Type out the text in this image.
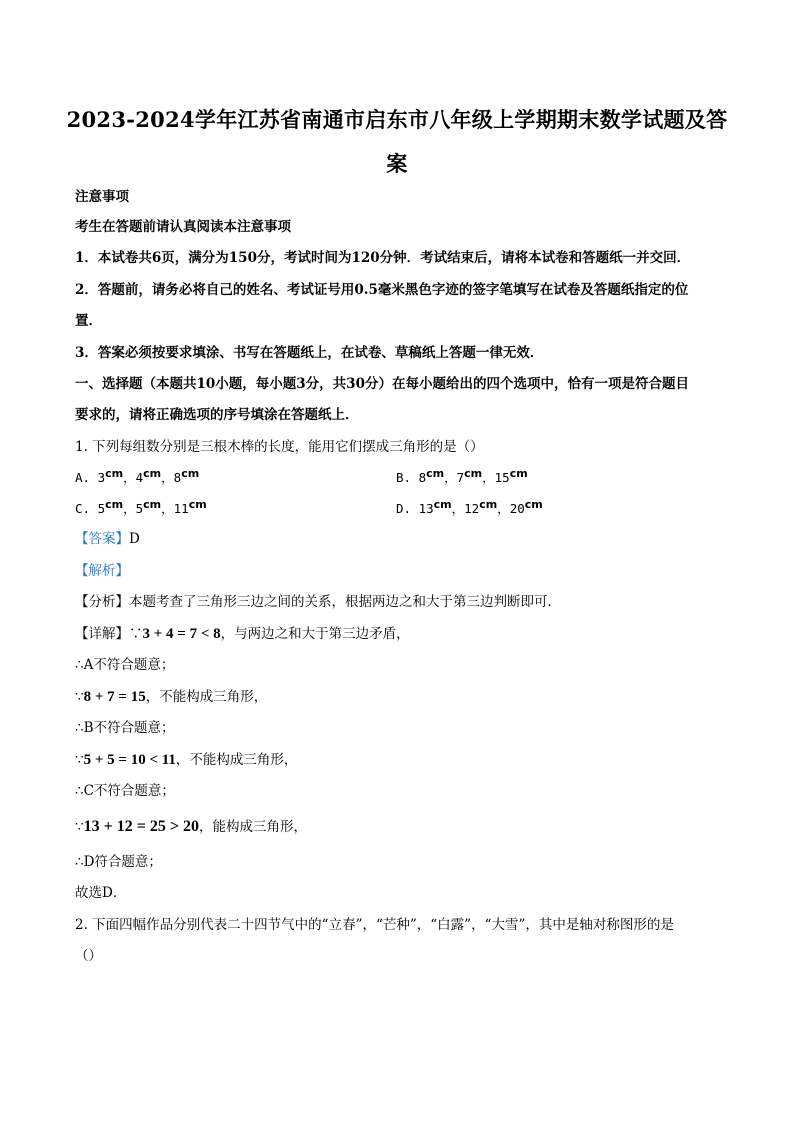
2023-2024学年江苏省南通市启东市八年级上学期期末数学试题及答
案
注意事项
考生在答题前请认真阅读本注意事项
1．本试卷共6页，满分为150分，考试时间为120分钟．考试结束后，请将本试卷和答题纸一并交回．
2．答题前，请务必将自己的姓名、考试证号用0.5毫米黑色字迹的签字笔填写在试卷及答题纸指定的位
置．
3．答案必须按要求填涂、书写在答题纸上，在试卷、草稿纸上答题一律无效．
一、选择题（本题共10小题，每小题3分，共30分）在每小题给出的四个选项中，恰有一项是符合题目
要求的，请将正确选项的序号填涂在答题纸上．
1. 下列每组数分别是三根木棒的长度，能用它们摆成三角形的是（）
A. 3cm，4cm，8cm	B. 8cm，7cm，15cm
C. 5cm，5cm，11cm	D. 13cm，12cm，20cm
【答案】D
【解析】
【分析】本题考查了三角形三边之间的关系，根据两边之和大于第三边判断即可．
【详解】∵3 + 4 = 7 < 8，与两边之和大于第三边矛盾，
∴A不符合题意；
∵8 + 7 = 15，不能构成三角形，
∴B不符合题意；
∵5 + 5 = 10 < 11，不能构成三角形，
∴C不符合题意；
∵13 + 12 = 25 > 20，能构成三角形，
∴D符合题意；
故选D．
2. 下面四幅作品分别代表二十四节气中的“立春”，“芒种”，“白露”，“大雪”，其中是轴对称图形的是
（）
